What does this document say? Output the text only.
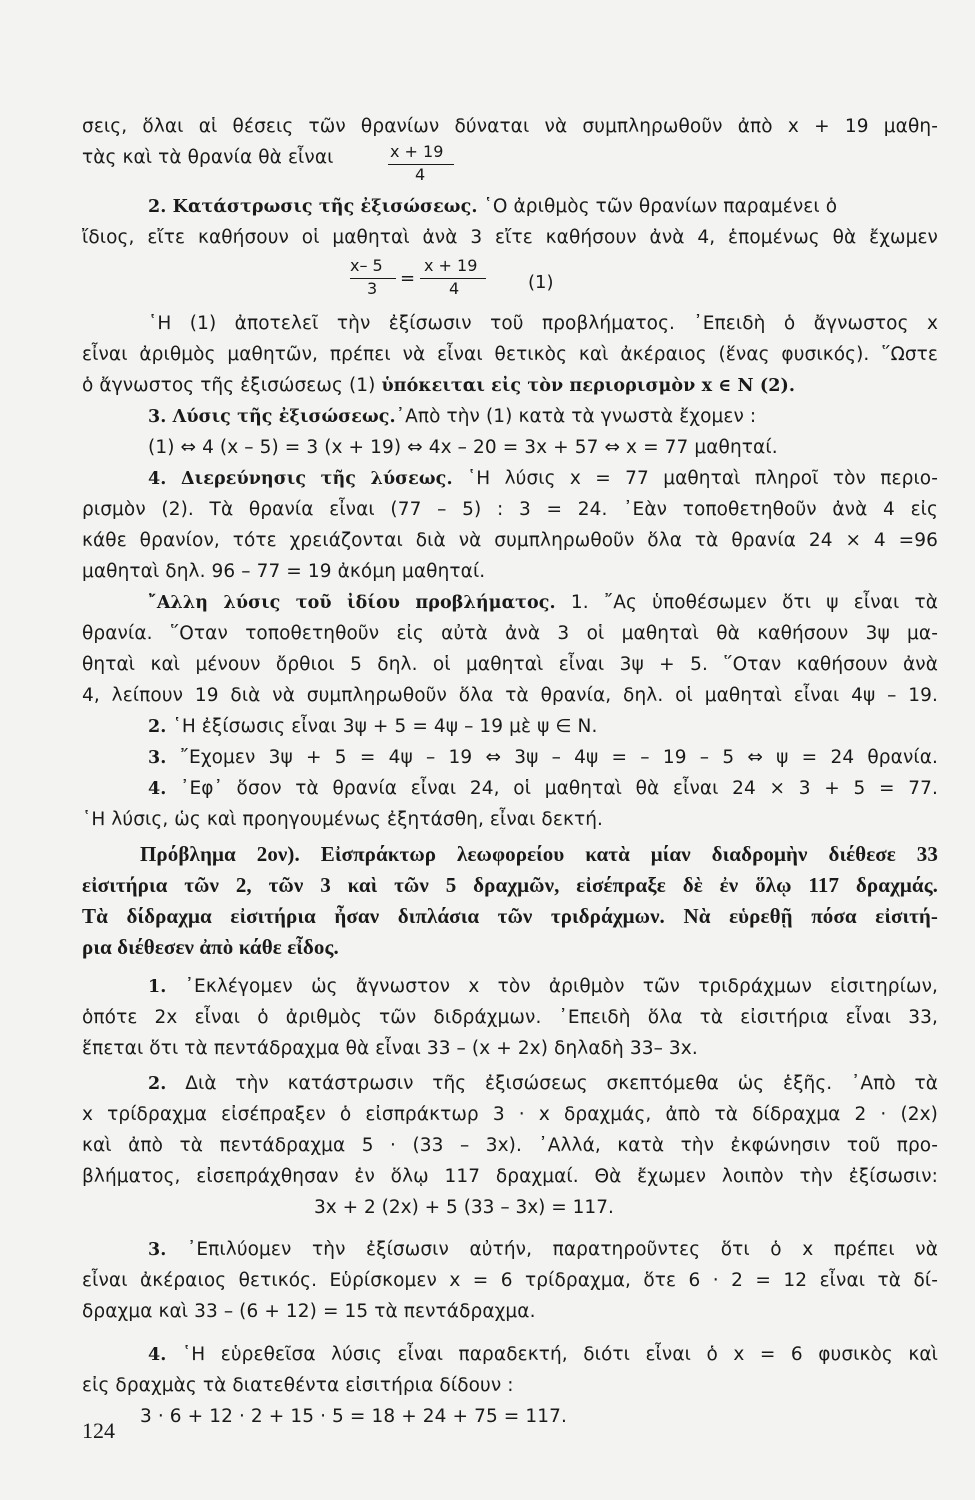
σεις, ὅλαι αἱ θέσεις τῶν θρανίων δύναται νὰ συμπληρωθοῦν ἀπὸ x + 19 μαθη-
τὰς καὶ τὰ θρανία θὰ εἶναι	x + 19
4
2. Κατάστρωσις τῆς ἐξισώσεως. ῾Ο ἀριθμὸς τῶν θρανίων παραμένει ὁ
ἴδιος, εἴτε καθήσουν οἱ μαθηταὶ ἀνὰ 3 εἴτε καθήσουν ἀνὰ 4, ἑπομένως θὰ ἔχωμεν
x– 5
3 =
x + 19
4	(1)
῾Η (1) ἀποτελεῖ τὴν ἐξίσωσιν τοῦ προβλήματος. ᾿Επειδὴ ὁ ἄγνωστος x
εἶναι ἀριθμὸς μαθητῶν, πρέπει νὰ εἶναι θετικὸς καὶ ἀκέραιος (ἕνας φυσικός). ῞Ωστε
ὁ ἄγνωστος τῆς ἐξισώσεως (1) ὑπόκειται εἰς τὸν περιορισμὸν x ∈ N (2).
3. Λύσις τῆς ἐξισώσεως.᾿Απὸ τὴν (1) κατὰ τὰ γνωστὰ ἔχομεν :
(1) ⇔ 4 (x – 5) = 3 (x + 19) ⇔ 4x – 20 = 3x + 57 ⇔ x = 77 μαθηταί.
4. Διερεύνησις τῆς λύσεως. ῾Η λύσις x = 77 μαθηταὶ πληροῖ τὸν περιο-
ρισμὸν (2). Τὰ θρανία εἶναι (77 – 5) : 3 = 24. ᾿Εὰν τοποθετηθοῦν ἀνὰ 4 εἰς
κάθε θρανίον, τότε χρειάζονται διὰ νὰ συμπληρωθοῦν ὅλα τὰ θρανία 24 × 4 =96
μαθηταὶ δηλ. 96 – 77 = 19 ἀκόμη μαθηταί.
῎Αλλη λύσις τοῦ ἰδίου προβλήματος. 1. ῎Ας ὑποθέσωμεν ὅτι ψ εἶναι τὰ
θρανία. ῞Οταν τοποθετηθοῦν εἰς αὐτὰ ἀνὰ 3 οἱ μαθηταὶ θὰ καθήσουν 3ψ μα-
θηταὶ καὶ μένουν ὄρθιοι 5 δηλ. οἱ μαθηταὶ εἶναι 3ψ + 5. ῞Οταν καθήσουν ἀνὰ
4, λείπουν 19 διὰ νὰ συμπληρωθοῦν ὅλα τὰ θρανία, δηλ. οἱ μαθηταὶ εἶναι 4ψ – 19.
2. ῾Η ἐξίσωσις εἶναι 3ψ + 5 = 4ψ – 19 μὲ ψ ∈ N.
3. ῎Εχομεν 3ψ + 5 = 4ψ – 19 ⇔ 3ψ – 4ψ = – 19 – 5 ⇔ ψ = 24 θρανία.
4. ᾿Εφ᾿ ὅσον τὰ θρανία εἶναι 24, οἱ μαθηταὶ θὰ εἶναι 24 × 3 + 5 = 77.
῾Η λύσις, ὡς καὶ προηγουμένως ἐξητάσθη, εἶναι δεκτή.
Πρόβλημα 2ον). Εἰσπράκτωρ λεωφορείου κατὰ μίαν διαδρομὴν διέθεσε 33
εἰσιτήρια τῶν 2, τῶν 3 καὶ τῶν 5 δραχμῶν, εἰσέπραξε δὲ ἐν ὅλῳ 117 δραχμάς.
Τὰ δίδραχμα εἰσιτήρια ἦσαν διπλάσια τῶν τριδράχμων. Νὰ εὑρεθῇ πόσα εἰσιτή-
ρια διέθεσεν ἀπὸ κάθε εἶδος.
1. ᾿Εκλέγομεν ὡς ἄγνωστον x τὸν ἀριθμὸν τῶν τριδράχμων εἰσιτηρίων,
ὁπότε 2x εἶναι ὁ ἀριθμὸς τῶν διδράχμων. ᾿Επειδὴ ὅλα τὰ εἰσιτήρια εἶναι 33,
ἕπεται ὅτι τὰ πεντάδραχμα θὰ εἶναι 33 – (x + 2x) δηλαδὴ 33– 3x.
2. Διὰ τὴν κατάστρωσιν τῆς ἐξισώσεως σκεπτόμεθα ὡς ἑξῆς. ᾿Απὸ τὰ
x τρίδραχμα εἰσέπραξεν ὁ εἰσπράκτωρ 3 · x δραχμάς, ἀπὸ τὰ δίδραχμα 2 · (2x)
καὶ ἀπὸ τὰ πεντάδραχμα 5 · (33 – 3x). ᾿Αλλά, κατὰ τὴν ἐκφώνησιν τοῦ προ-
βλήματος, εἰσεπράχθησαν ἐν ὅλῳ 117 δραχμαί. Θὰ ἔχωμεν λοιπὸν τὴν ἐξίσωσιν:
3x + 2 (2x) + 5 (33 – 3x) = 117.
3. ᾿Επιλύομεν τὴν ἐξίσωσιν αὐτήν, παρατηροῦντες ὅτι ὁ x πρέπει νὰ
εἶναι ἀκέραιος θετικός. Εὑρίσκομεν x = 6 τρίδραχμα, ὅτε 6 · 2 = 12 εἶναι τὰ δί-
δραχμα καὶ 33 – (6 + 12) = 15 τὰ πεντάδραχμα.
4. ῾Η εὑρεθεῖσα λύσις εἶναι παραδεκτή, διότι εἶναι ὁ x = 6 φυσικὸς καὶ
εἰς δραχμὰς τὰ διατεθέντα εἰσιτήρια δίδουν :
3 · 6 + 12 · 2 + 15 · 5 = 18 + 24 + 75 = 117.
124
